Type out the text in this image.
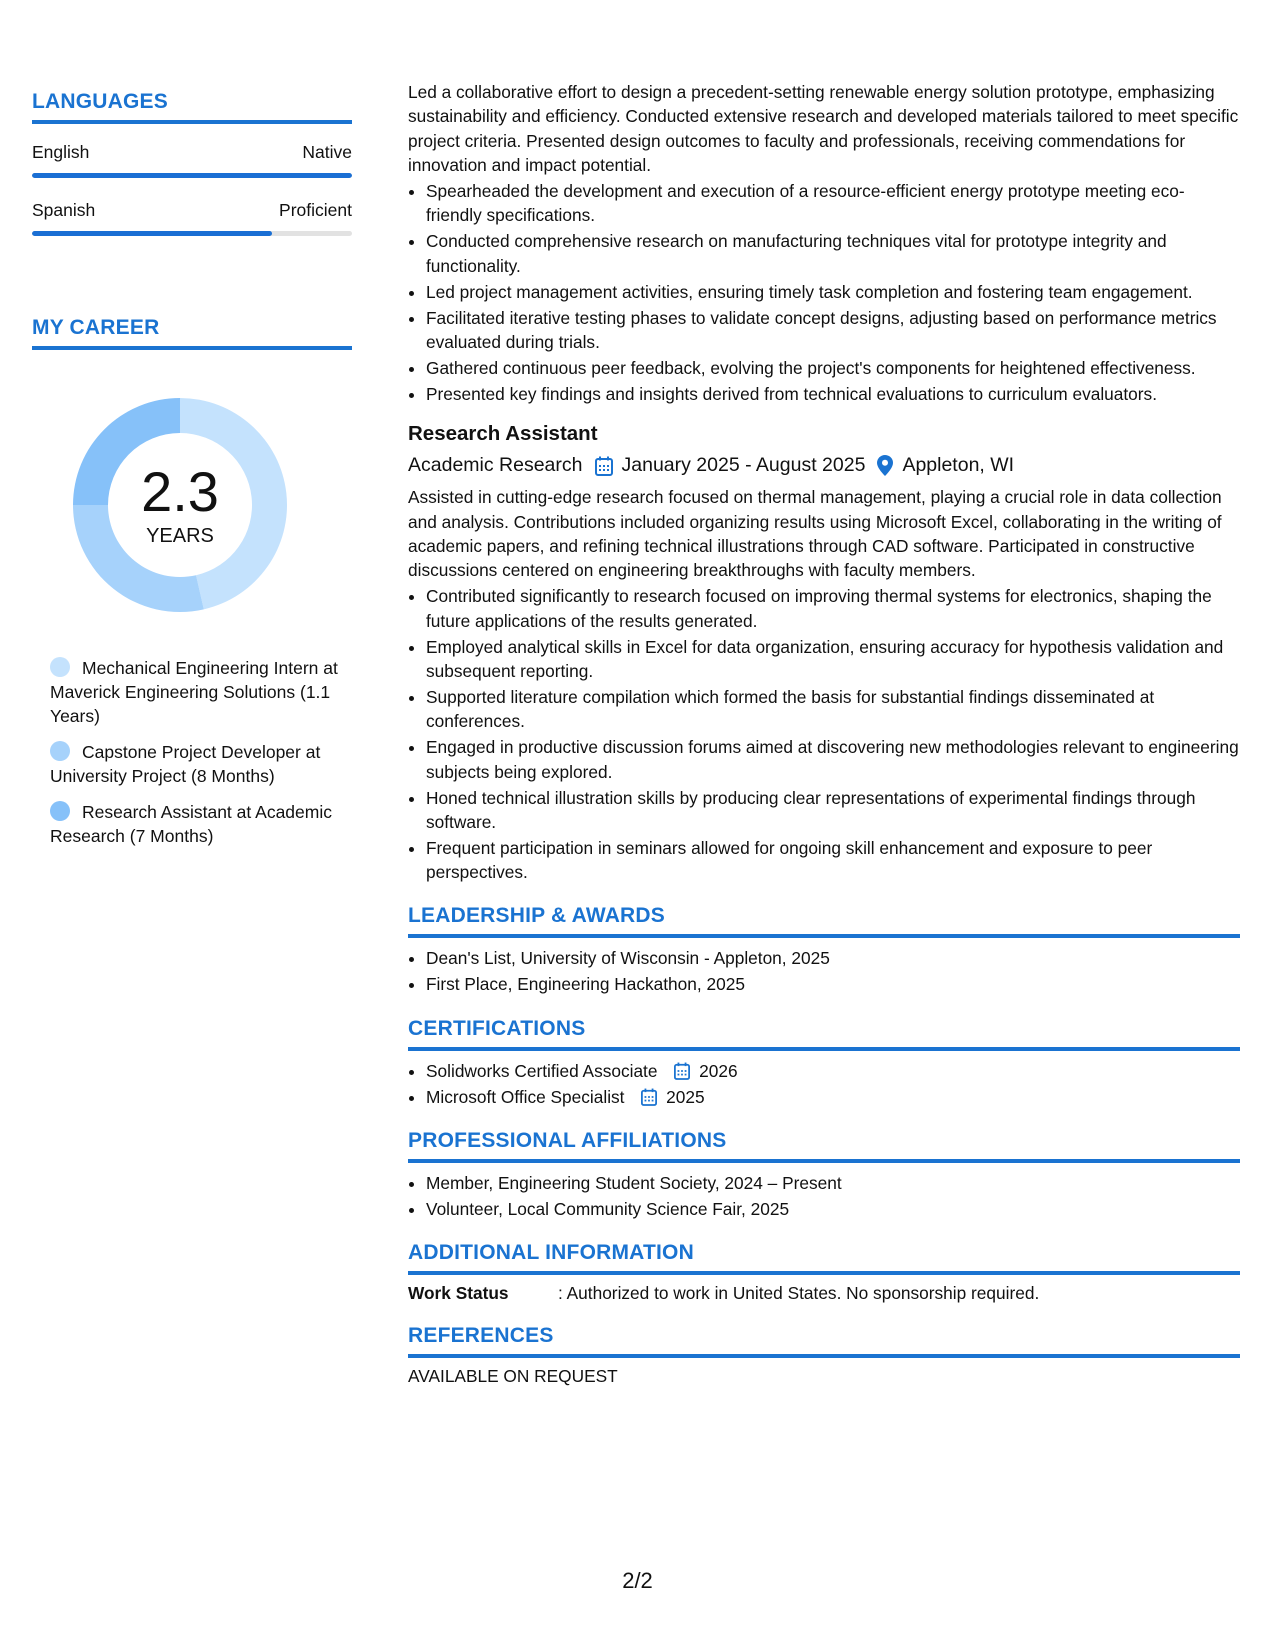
LANGUAGES
English	Native
Spanish	Proficient
MY CAREER
2.3
YEARS
Mechanical Engineering Intern at Maverick Engineering Solutions (1.1 Years)
Capstone Project Developer at University Project (8 Months)
Research Assistant at Academic Research (7 Months)

Led a collaborative effort to design a precedent-setting renewable energy solution prototype, emphasizing sustainability and efficiency. Conducted extensive research and developed materials tailored to meet specific project criteria. Presented design outcomes to faculty and professionals, receiving commendations for innovation and impact potential.

• Spearheaded the development and execution of a resource-efficient energy prototype meeting eco-friendly specifications.
• Conducted comprehensive research on manufacturing techniques vital for prototype integrity and functionality.
• Led project management activities, ensuring timely task completion and fostering team engagement.
• Facilitated iterative testing phases to validate concept designs, adjusting based on performance metrics evaluated during trials.
• Gathered continuous peer feedback, evolving the project's components for heightened effectiveness.
• Presented key findings and insights derived from technical evaluations to curriculum evaluators.
Research Assistant
Academic Research January 2025 - August 2025 Appleton, WI

Assisted in cutting-edge research focused on thermal management, playing a crucial role in data collection and analysis. Contributions included organizing results using Microsoft Excel, collaborating in the writing of academic papers, and refining technical illustrations through CAD software. Participated in constructive discussions centered on engineering breakthroughs with faculty members.

• Contributed significantly to research focused on improving thermal systems for electronics, shaping the future applications of the results generated.
• Employed analytical skills in Excel for data organization, ensuring accuracy for hypothesis validation and subsequent reporting.
• Supported literature compilation which formed the basis for substantial findings disseminated at conferences.
• Engaged in productive discussion forums aimed at discovering new methodologies relevant to engineering subjects being explored.
• Honed technical illustration skills by producing clear representations of experimental findings through software.
• Frequent participation in seminars allowed for ongoing skill enhancement and exposure to peer perspectives.
LEADERSHIP & AWARDS
• Dean's List, University of Wisconsin - Appleton, 2025
• First Place, Engineering Hackathon, 2025
CERTIFICATIONS
• Solidworks Certified Associate 2026
• Microsoft Office Specialist 2025
PROFESSIONAL AFFILIATIONS
• Member, Engineering Student Society, 2024 – Present
• Volunteer, Local Community Science Fair, 2025
ADDITIONAL INFORMATION
Work Status	: Authorized to work in United States. No sponsorship required.
REFERENCES
AVAILABLE ON REQUEST
2/2
